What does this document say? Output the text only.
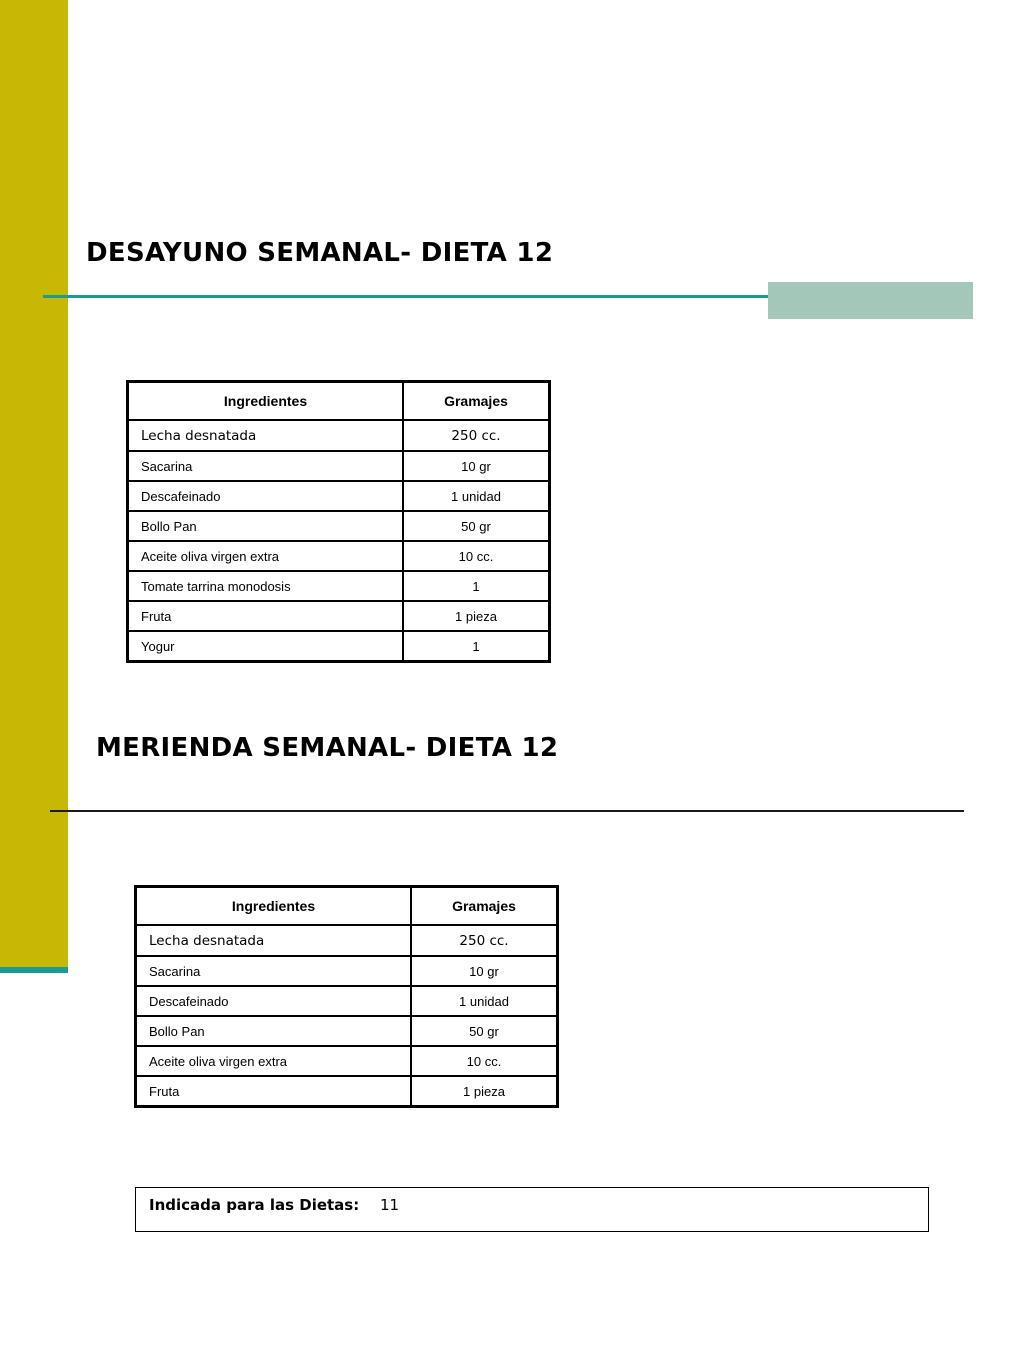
DESAYUNO SEMANAL- DIETA 12
Ingredientes	Gramajes
Lecha desnatada	250 cc.
Sacarina	10 gr
Descafeinado	1 unidad
Bollo Pan	50 gr
Aceite oliva virgen extra	10 cc.
Tomate tarrina monodosis	1
Fruta	1 pieza
Yogur	1
MERIENDA SEMANAL- DIETA 12
Ingredientes	Gramajes
Lecha desnatada	250 cc.
Sacarina	10 gr
Descafeinado	1 unidad
Bollo Pan	50 gr
Aceite oliva virgen extra	10 cc.
Fruta	1 pieza
Indicada para las Dietas: 11
